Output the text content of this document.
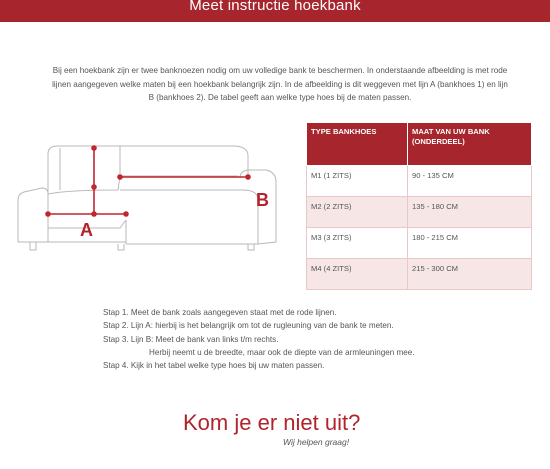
Meet instructie hoekbank
Bij een hoekbank zijn er twee banknoezen nodig om uw volledige bank te beschermen. In onderstaande afbeelding is met rode lijnen aangegeven welke maten bij een hoekbank belangrijk zijn. In de afbeelding is dit weggeven met lijn A (bankhoes 1) en lijn B (bankhoes 2). De tabel geeft aan welke type hoes bij de maten passen.
A
B
TYPE BANKHOES	MAAT VAN UW BANK (ONDERDEEL)
M1 (1 ZITS)	90 - 135 CM
M2 (2 ZITS)	135 - 180 CM
M3 (3 ZITS)	180 - 215 CM
M4 (4 ZITS)	215 - 300 CM
Stap 1. Meet de bank zoals aangegeven staat met de rode lijnen.
Stap 2. Lijn A: hierbij is het belangrijk om tot de rugleuning van de bank te meten.
Stap 3. Lijn B: Meet de bank van links t/m rechts.
Herbij neemt u de breedte, maar ook de diepte van de armleuningen mee.
Stap 4. Kijk in het tabel welke type hoes bij uw maten passen.
Kom je er niet uit?
Wij helpen graag!
